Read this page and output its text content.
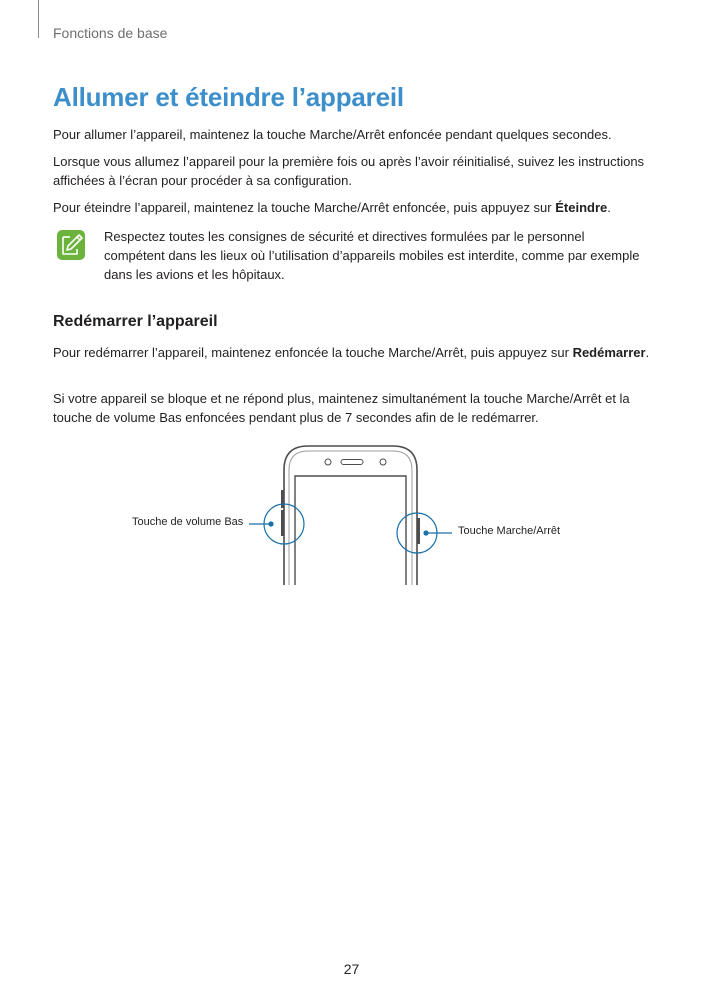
Fonctions de base
Allumer et éteindre l’appareil

Pour allumer l’appareil, maintenez la touche Marche/Arrêt enfoncée pendant quelques secondes.

Lorsque vous allumez l’appareil pour la première fois ou après l’avoir réinitialisé, suivez les instructions affichées à l’écran pour procéder à sa configuration.

Pour éteindre l’appareil, maintenez la touche Marche/Arrêt enfoncée, puis appuyez sur Éteindre.

Respectez toutes les consignes de sécurité et directives formulées par le personnel compétent dans les lieux où l’utilisation d’appareils mobiles est interdite, comme par exemple dans les avions et les hôpitaux.

Redémarrer l’appareil

Pour redémarrer l’appareil, maintenez enfoncée la touche Marche/Arrêt, puis appuyez sur Redémarrer.

Si votre appareil se bloque et ne répond plus, maintenez simultanément la touche Marche/Arrêt et la touche de volume Bas enfoncées pendant plus de 7 secondes afin de le redémarrer.

Touche de volume Bas
Touche Marche/Arrêt
27
